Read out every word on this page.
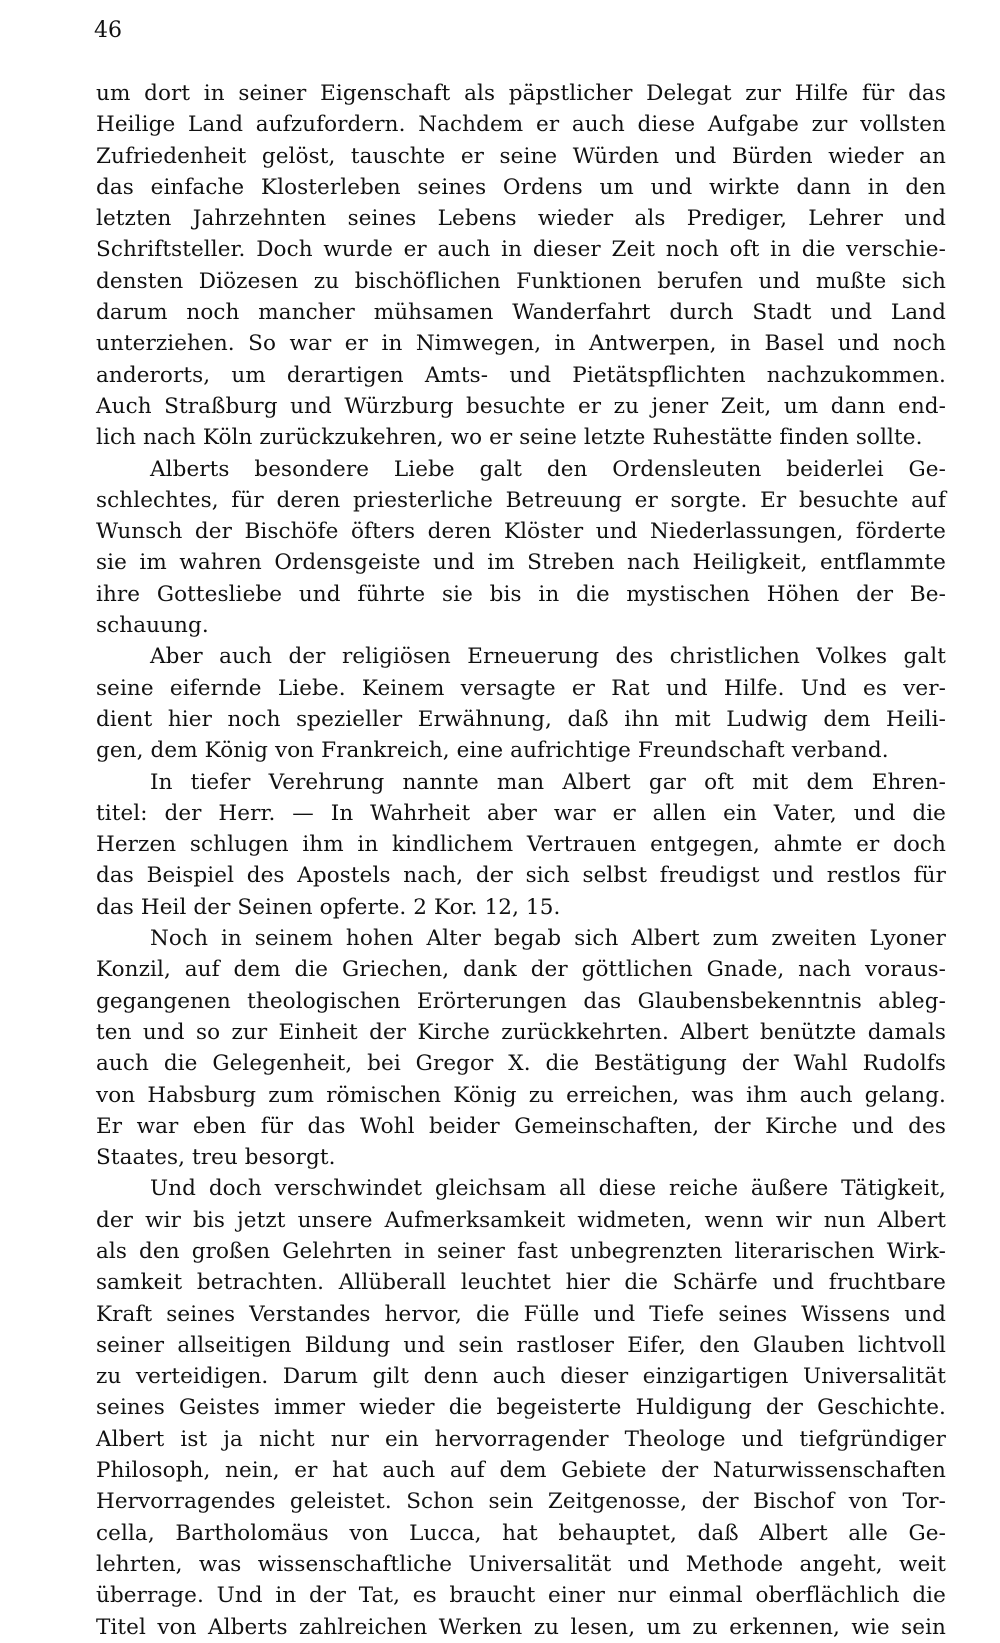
46
um dort in seiner Eigenschaft als päpstlicher Delegat zur Hilfe für das
Heilige Land aufzufordern. Nachdem er auch diese Aufgabe zur vollsten
Zufriedenheit gelöst, tauschte er seine Würden und Bürden wieder an
das einfache Klosterleben seines Ordens um und wirkte dann in den
letzten Jahrzehnten seines Lebens wieder als Prediger, Lehrer und
Schriftsteller. Doch wurde er auch in dieser Zeit noch oft in die verschie-
densten Diözesen zu bischöflichen Funktionen berufen und mußte sich
darum noch mancher mühsamen Wanderfahrt durch Stadt und Land
unterziehen. So war er in Nimwegen, in Antwerpen, in Basel und noch
anderorts, um derartigen Amts- und Pietätspflichten nachzukommen.
Auch Straßburg und Würzburg besuchte er zu jener Zeit, um dann end-
lich nach Köln zurückzukehren, wo er seine letzte Ruhestätte finden sollte.
Alberts besondere Liebe galt den Ordensleuten beiderlei Ge-
schlechtes, für deren priesterliche Betreuung er sorgte. Er besuchte auf
Wunsch der Bischöfe öfters deren Klöster und Niederlassungen, förderte
sie im wahren Ordensgeiste und im Streben nach Heiligkeit, entflammte
ihre Gottesliebe und führte sie bis in die mystischen Höhen der Be-
schauung.
Aber auch der religiösen Erneuerung des christlichen Volkes galt
seine eifernde Liebe. Keinem versagte er Rat und Hilfe. Und es ver-
dient hier noch spezieller Erwähnung, daß ihn mit Ludwig dem Heili-
gen, dem König von Frankreich, eine aufrichtige Freundschaft verband.
In tiefer Verehrung nannte man Albert gar oft mit dem Ehren-
titel: der Herr. — In Wahrheit aber war er allen ein Vater, und die
Herzen schlugen ihm in kindlichem Vertrauen entgegen, ahmte er doch
das Beispiel des Apostels nach, der sich selbst freudigst und restlos für
das Heil der Seinen opferte. 2 Kor. 12, 15.
Noch in seinem hohen Alter begab sich Albert zum zweiten Lyoner
Konzil, auf dem die Griechen, dank der göttlichen Gnade, nach voraus-
gegangenen theologischen Erörterungen das Glaubensbekenntnis ableg-
ten und so zur Einheit der Kirche zurückkehrten. Albert benützte damals
auch die Gelegenheit, bei Gregor X. die Bestätigung der Wahl Rudolfs
von Habsburg zum römischen König zu erreichen, was ihm auch gelang.
Er war eben für das Wohl beider Gemeinschaften, der Kirche und des
Staates, treu besorgt.
Und doch verschwindet gleichsam all diese reiche äußere Tätigkeit,
der wir bis jetzt unsere Aufmerksamkeit widmeten, wenn wir nun Albert
als den großen Gelehrten in seiner fast unbegrenzten literarischen Wirk-
samkeit betrachten. Allüberall leuchtet hier die Schärfe und fruchtbare
Kraft seines Verstandes hervor, die Fülle und Tiefe seines Wissens und
seiner allseitigen Bildung und sein rastloser Eifer, den Glauben lichtvoll
zu verteidigen. Darum gilt denn auch dieser einzigartigen Universalität
seines Geistes immer wieder die begeisterte Huldigung der Geschichte.
Albert ist ja nicht nur ein hervorragender Theologe und tiefgründiger
Philosoph, nein, er hat auch auf dem Gebiete der Naturwissenschaften
Hervorragendes geleistet. Schon sein Zeitgenosse, der Bischof von Tor-
cella, Bartholomäus von Lucca, hat behauptet, daß Albert alle Ge-
lehrten, was wissenschaftliche Universalität und Methode angeht, weit
überrage. Und in der Tat, es braucht einer nur einmal oberflächlich die
Titel von Alberts zahlreichen Werken zu lesen, um zu erkennen, wie sein
